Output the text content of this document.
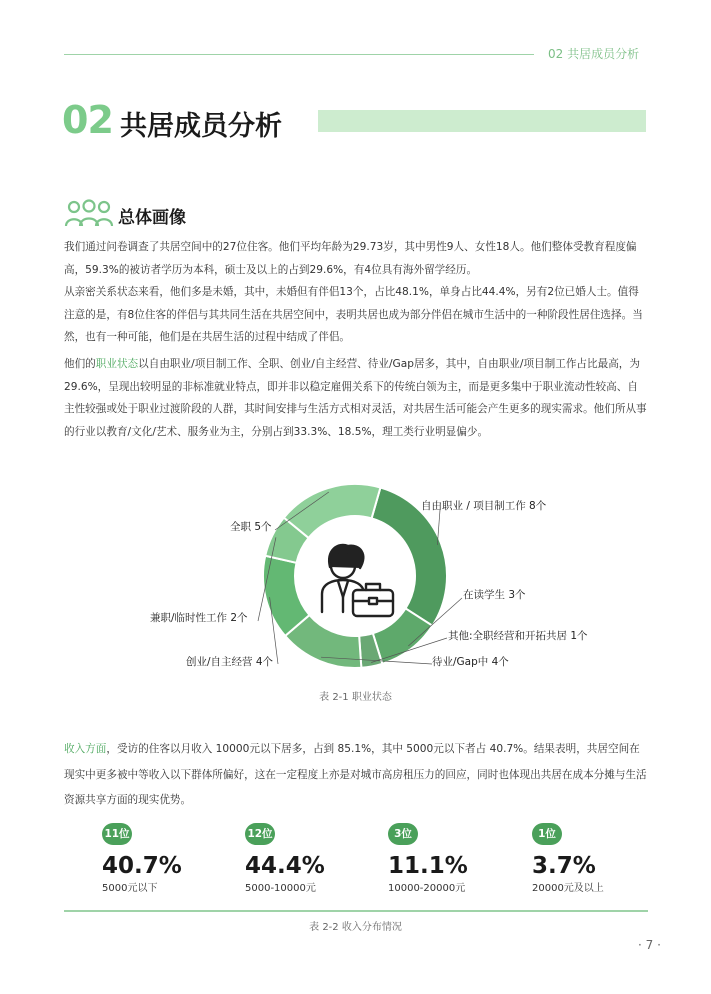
02 共居成员分析
02 共居成员分析
总体画像
我们通过问卷调查了共居空间中的27位住客。他们平均年龄为29.73岁，其中男性9人、女性18人。他们整体受教育程度偏高，59.3%的被访者学历为本科，硕士及以上的占到29.6%，有4位具有海外留学经历。
从亲密关系状态来看，他们多是未婚，其中，未婚但有伴侣13个，占比48.1%，单身占比44.4%，另有2位已婚人士。值得注意的是，有8位住客的伴侣与其共同生活在共居空间中，表明共居也成为部分伴侣在城市生活中的一种阶段性居住选择。当然，也有一种可能，他们是在共居生活的过程中结成了伴侣。
他们的职业状态以自由职业/项目制工作、全职、创业/自主经营、待业/Gap居多，其中，自由职业/项目制工作占比最高，为29.6%，呈现出较明显的非标准就业特点，即并非以稳定雇佣关系下的传统白领为主，而是更多集中于职业流动性较高、自主性较强或处于职业过渡阶段的人群，其时间安排与生活方式相对灵活，对共居生活可能会产生更多的现实需求。他们所从事的行业以教育/文化/艺术、服务业为主，分别占到33.3%、18.5%，理工类行业明显偏少。
自由职业 / 项目制工作 8个
在读学生 3个
其他:全职经营和开拓共居 1个
待业/Gap中 4个
创业/自主经营 4个
兼职/临时性工作 2个
全职 5个
表 2-1 职业状态
收入方面，受访的住客以月收入 10000元以下居多，占到 85.1%，其中 5000元以下者占 40.7%。结果表明，共居空间在现实中更多被中等收入以下群体所偏好，这在一定程度上亦是对城市高房租压力的回应，同时也体现出共居在成本分摊与生活资源共享方面的现实优势。
11位
40.7%
5000元以下
12位
44.4%
5000-10000元
3位
11.1%
10000-20000元
1位
3.7%
20000元及以上
表 2-2 收入分布情况
· 7 ·
